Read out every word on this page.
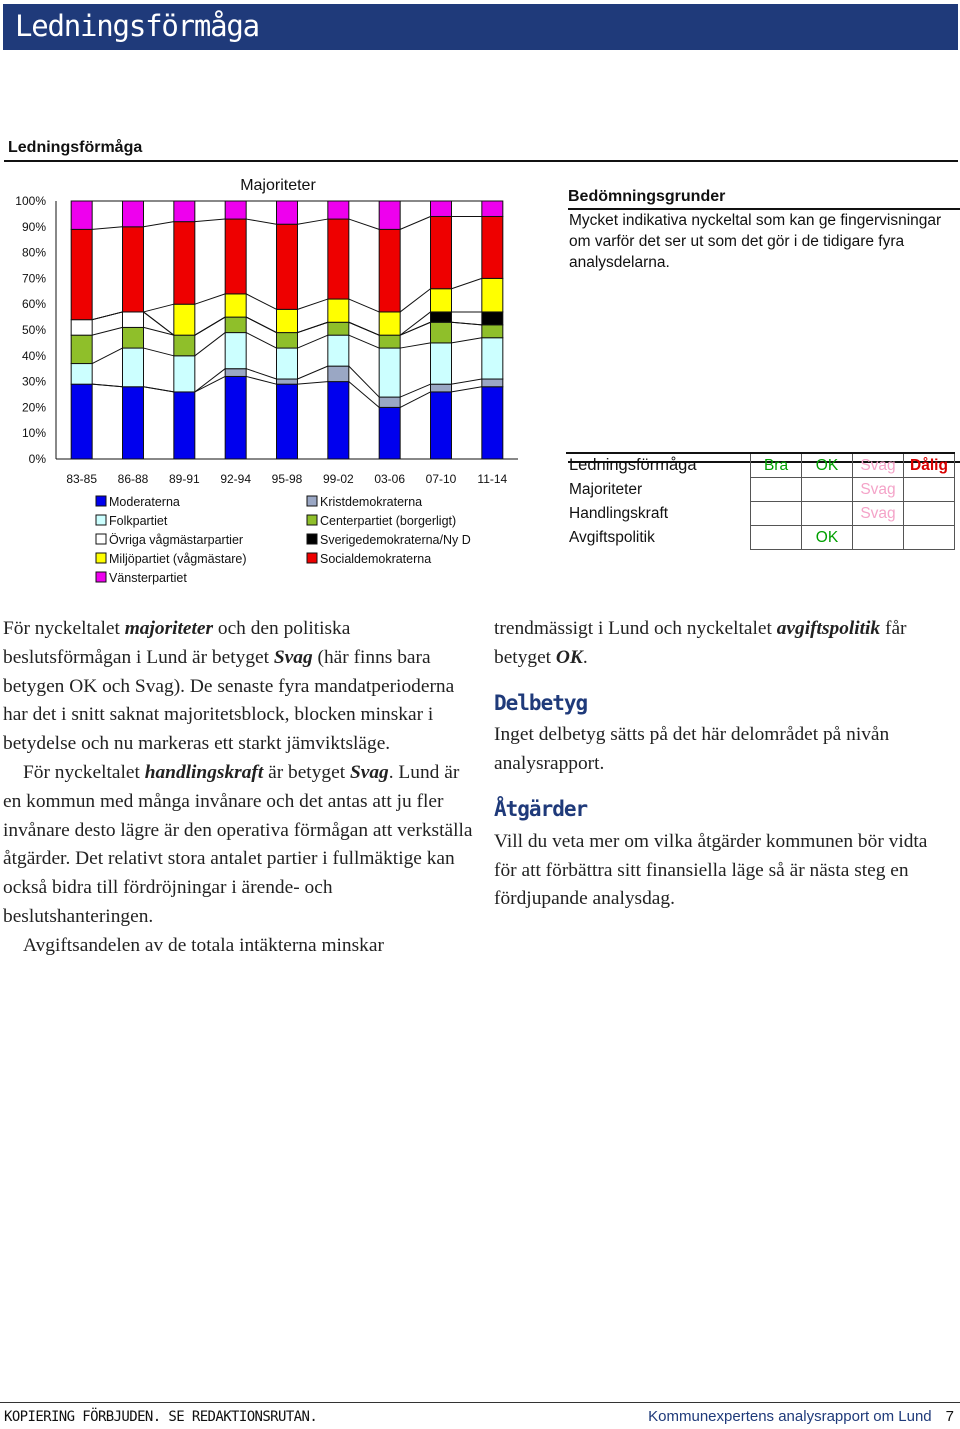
Ledningsförmåga
Ledningsförmåga
Majoriteter
100%
90%
80%
70%
60%
50%
40%
30%
20%
10%
0%
83-85 86-88 89-91 92-94 95-98 99-02 03-06 07-10 11-14
Moderaterna
Folkpartiet
Övriga vågmästarpartier
Miljöpartiet (vågmästare)
Vänsterpartiet
Kristdemokraterna
Centerpartiet (borgerligt)
Sverigedemokraterna/Ny D
Socialdemokraterna
Bedömningsgrunder
Mycket indikativa nyckeltal som kan ge fingervisningar om varför det ser ut som det gör i de tidigare fyra analysdelarna.
Ledningsförmåga	Bra	OK	Svag	Dålig
Majoriteter			Svag	
Handlingskraft			Svag	
Avgiftspolitik		OK		

För nyckeltalet majoriteter och den politiska beslutsförmågan i Lund är betyget Svag (här finns bara betygen OK och Svag). De senaste fyra mandatperioderna har det i snitt saknat majoritetsblock, blocken minskar i betydelse och nu markeras ett starkt jämviktsläge.

För nyckeltalet handlingskraft är betyget Svag. Lund är en kommun med många invånare och det antas att ju fler invånare desto lägre är den operativa förmågan att verkställa åtgärder. Det relativt stora antalet partier i fullmäktige kan också bidra till fördröjningar i ärende- och beslutshanteringen.

Avgiftsandelen av de totala intäkterna minskar

trendmässigt i Lund och nyckeltalet avgiftspolitik får betyget OK.

Delbetyg

Inget delbetyg sätts på det här delområdet på nivån analysrapport.

Åtgärder

Vill du veta mer om vilka åtgärder kommunen bör vidta för att förbättra sitt finansiella läge så är nästa steg en fördjupande analysdag.

KOPIERING FÖRBJUDEN. SE REDAKTIONSRUTAN.	Kommunexpertens analysrapport om Lund 7
